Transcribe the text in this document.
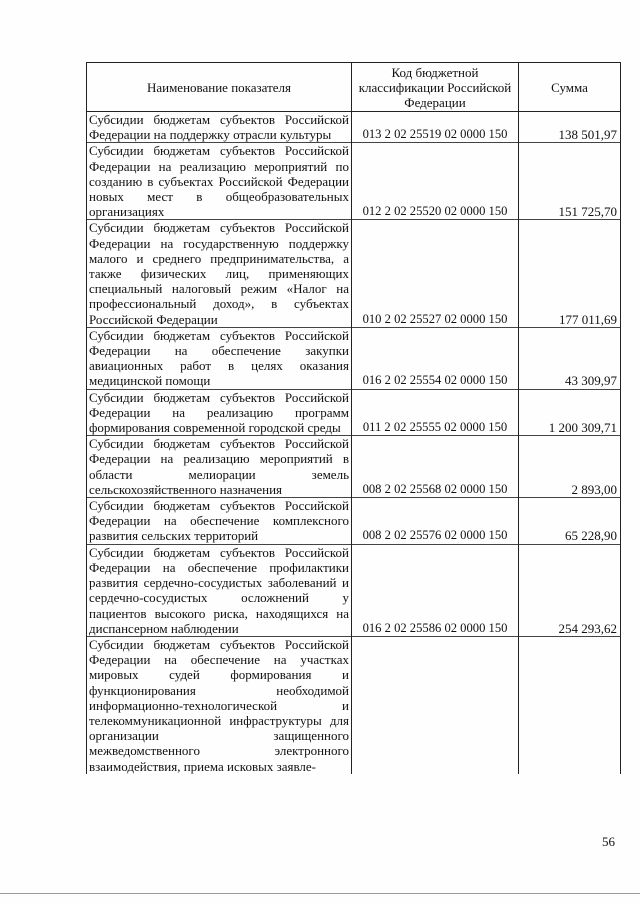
Наименование показателя	Код бюджетной классификации Российской Федерации	Сумма
Субсидии бюджетам субъектов Российской Федерации на поддержку отрасли культуры	013 2 02 25519 02 0000 150	138 501,97
Субсидии бюджетам субъектов Российской Федерации на реализацию мероприятий по созданию в субъектах Российской Федерации новых мест в общеобразовательных организациях	012 2 02 25520 02 0000 150	151 725,70
Субсидии бюджетам субъектов Российской Федерации на государственную поддержку малого и среднего предпринимательства, а также физических лиц, применяющих специальный налоговый режим «Налог на профессиональный доход», в субъектах Российской Федерации	010 2 02 25527 02 0000 150	177 011,69
Субсидии бюджетам субъектов Российской Федерации на обеспечение закупки авиационных работ в целях оказания медицинской помощи	016 2 02 25554 02 0000 150	43 309,97
Субсидии бюджетам субъектов Российской Федерации на реализацию программ формирования современной городской среды	011 2 02 25555 02 0000 150	1 200 309,71
Субсидии бюджетам субъектов Российской Федерации на реализацию мероприятий в области мелиорации земель сельскохозяйственного назначения	008 2 02 25568 02 0000 150	2 893,00
Субсидии бюджетам субъектов Российской Федерации на обеспечение комплексного развития сельских территорий	008 2 02 25576 02 0000 150	65 228,90
Субсидии бюджетам субъектов Российской Федерации на обеспечение профилактики развития сердечно-сосудистых заболеваний и сердечно-сосудистых осложнений у пациентов высокого риска, находящихся на диспансерном наблюдении	016 2 02 25586 02 0000 150	254 293,62
Субсидии бюджетам субъектов Российской Федерации на обеспечение на участках мировых судей формирования и функционирования необходимой информационно-технологической и телекоммуникационной инфраструктуры для организации защищенного межведомственного электронного взаимодействия, приема исковых заявле-		
56
